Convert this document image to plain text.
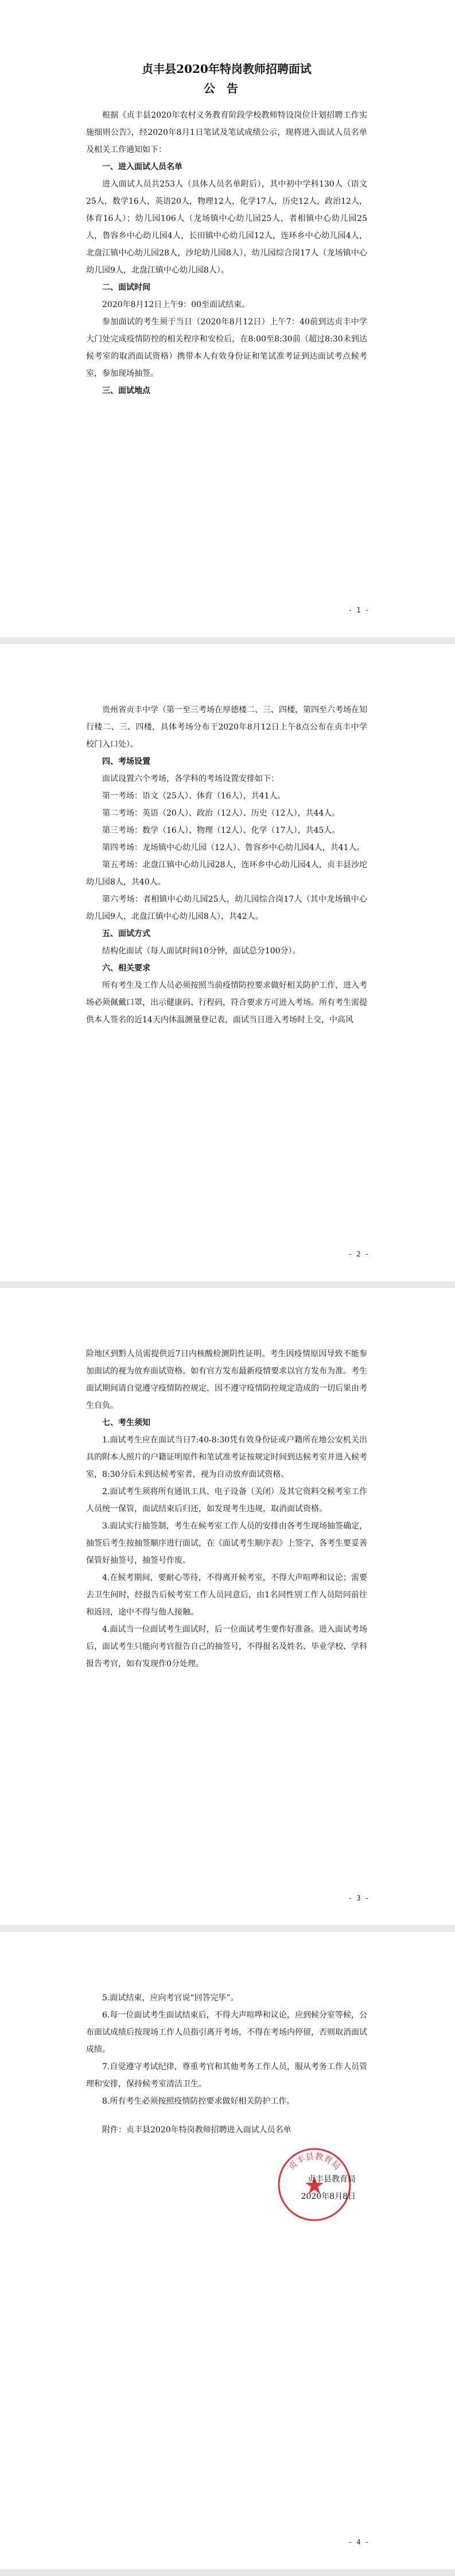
贞丰县2020年特岗教师招聘面试
公告

根据《贞丰县2020年农村义务教育阶段学校教师特设岗位计划招聘工作实施细则公告》，经2020年8月1日笔试及笔试成绩公示，现将进入面试人员名单及相关工作通知如下：

一、进入面试人员名单

进入面试人员共253人（具体人员名单附后），其中初中学科130人（语文25人，数学16人，英语20人，物理12人，化学17人，历史12人，政治12人，体育16人）；幼儿园106人（龙场镇中心幼儿园25人，者相镇中心幼儿园25人，鲁容乡中心幼儿园4人，长田镇中心幼儿园12人，连环乡中心幼儿园4人，北盘江镇中心幼儿园28人，沙坨幼儿园8人），幼儿园综合岗17人（龙场镇中心幼儿园9人，北盘江镇中心幼儿园8人）。

二、面试时间

2020年8月12日上午9：00至面试结束。

参加面试的考生须于当日（2020年8月12日）上午7：40前到达贞丰中学大门处完成疫情防控的相关程序和安检后，在8:00至8:30前（超过8:30未到达候考室的取消面试资格）携带本人有效身份证和笔试准考证到达面试考点候考室，参加现场抽签。

三、面试地点

- 1 -

贵州省贞丰中学（第一至三考场在厚德楼二、三、四楼，第四至六考场在知行楼二、三、四楼，具体考场分布于2020年8月12日上午8点公布在贞丰中学校门入口处）。

四、考场设置

面试设置六个考场，各学科的考场设置安排如下：

第一考场：语文（25人）、体育（16人），共41人。

第二考场：英语（20人）、政治（12人）、历史（12人），共44人。

第三考场：数学（16人）、物理（12人）、化学（17人），共45人。

第四考场：龙场镇中心幼儿园（12人）、鲁容乡中心幼儿园4人，共41人。

第五考场：北盘江镇中心幼儿园28人，连环乡中心幼儿园4人，贞丰县沙坨幼儿园8人，共40人。

第六考场：者相镇中心幼儿园25人，幼儿园综合岗17人（其中龙场镇中心幼儿园9人，北盘江镇中心幼儿园8人），共42人。

五、面试方式

结构化面试（每人面试时间10分钟，面试总分100分）。

六、相关要求

所有考生及工作人员必须按照当前疫情防控要求做好相关防护工作，进入考场必须佩戴口罩，出示健康码、行程码，符合要求方可进入考场。所有考生需提供本人签名的近14天内体温测量登记表，面试当日进入考场时上交，中高风

- 2 -

险地区到黔人员需提供近7日内核酸检测阴性证明。考生因疫情原因导致不能参加面试的视为放弃面试资格。如有官方发布最新疫情要求以官方发布为准。考生面试期间请自觉遵守疫情防控规定，因不遵守疫情防控规定造成的一切后果由考生自负。

七、考生须知

1.面试考生应在面试当日7:40-8:30凭有效身份证或户籍所在地公安机关出具的附本人照片的户籍证明原件和笔试准考证按规定时间到达候考室并进入候考室，8:30分后未到达候考室者，视为自动放弃面试资格。

2.面试考生须将所有通讯工具、电子设备（关闭）及其它资料交候考室工作人员统一保管，面试结束后归还，如发现考生违规，取消面试资格。

3.面试实行抽签制，考生在候考室工作人员的安排由各考生现场抽签确定，抽签后考生按抽签顺序进行面试，在《面试考生顺序表》上签字，各考生要妥善保管好抽签号，抽签号作废。

4.在候考期间，要耐心等待，不得离开候考室，不得大声喧哗和议论；需要去卫生间时，经报告后候考室工作人员同意后，由1名同性别工作人员陪同前往和返回，途中不得与他人接触。

4.面试当一位面试考生面试时，后一位面试考生要作好准备。进入面试考场后，面试考生只能向考官报告自己的抽签号，不得报名及姓名、毕业学校、学科报告考官，如有发现作0分处理。

- 3 -

5.面试结束，应向考官说“回答完毕”。

6.每一位面试考生面试结束后，不得大声喧哗和议论，应到候分室等候，公布面试成绩后按现场工作人员指引离开考场，不得在考场内停留，否则取消面试成绩。

7.自觉遵守考试纪律，尊重考官和其他考务工作人员，服从考务工作人员管理和安排，保持候考室清洁卫生。

8.所有考生必须按照疫情防控要求做好相关防护工作。

附件：贞丰县2020年特岗教师招聘进入面试人员名单

贞丰县教育局
贞丰县教育局
2020年8月8日
- 4 -
